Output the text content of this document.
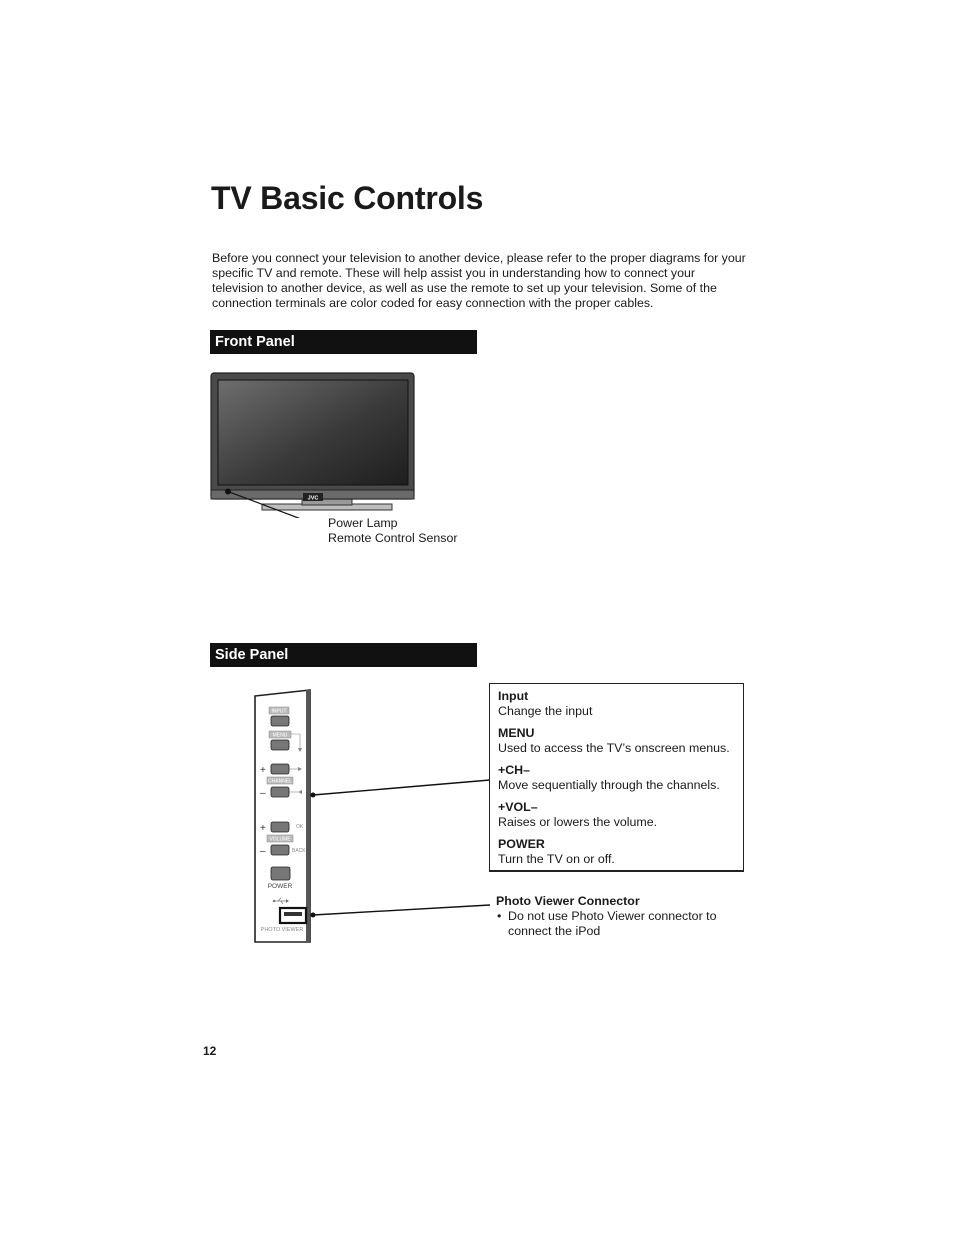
TV Basic Controls

Before you connect your television to another device, please refer to the proper diagrams for your specific TV and remote. These will help assist you in understanding how to connect your television to another device, as well as use the remote to set up your television. Some of the connection terminals are color coded for easy connection with the proper cables.

Front Panel
JVC
Power Lamp
Remote Control Sensor
Side Panel
INPUT
MENU
+
CHANNEL
–
+	OK
VOLUME
–	BACK
POWER
PHOTO VIEWER
Input
Change the input
MENU
Used to access the TV’s onscreen menus.
+CH–
Move sequentially through the channels.
+VOL–
Raises or lowers the volume.
POWER
Turn the TV on or off.
Photo Viewer Connector
• Do not use Photo Viewer connector to connect the iPod
12
